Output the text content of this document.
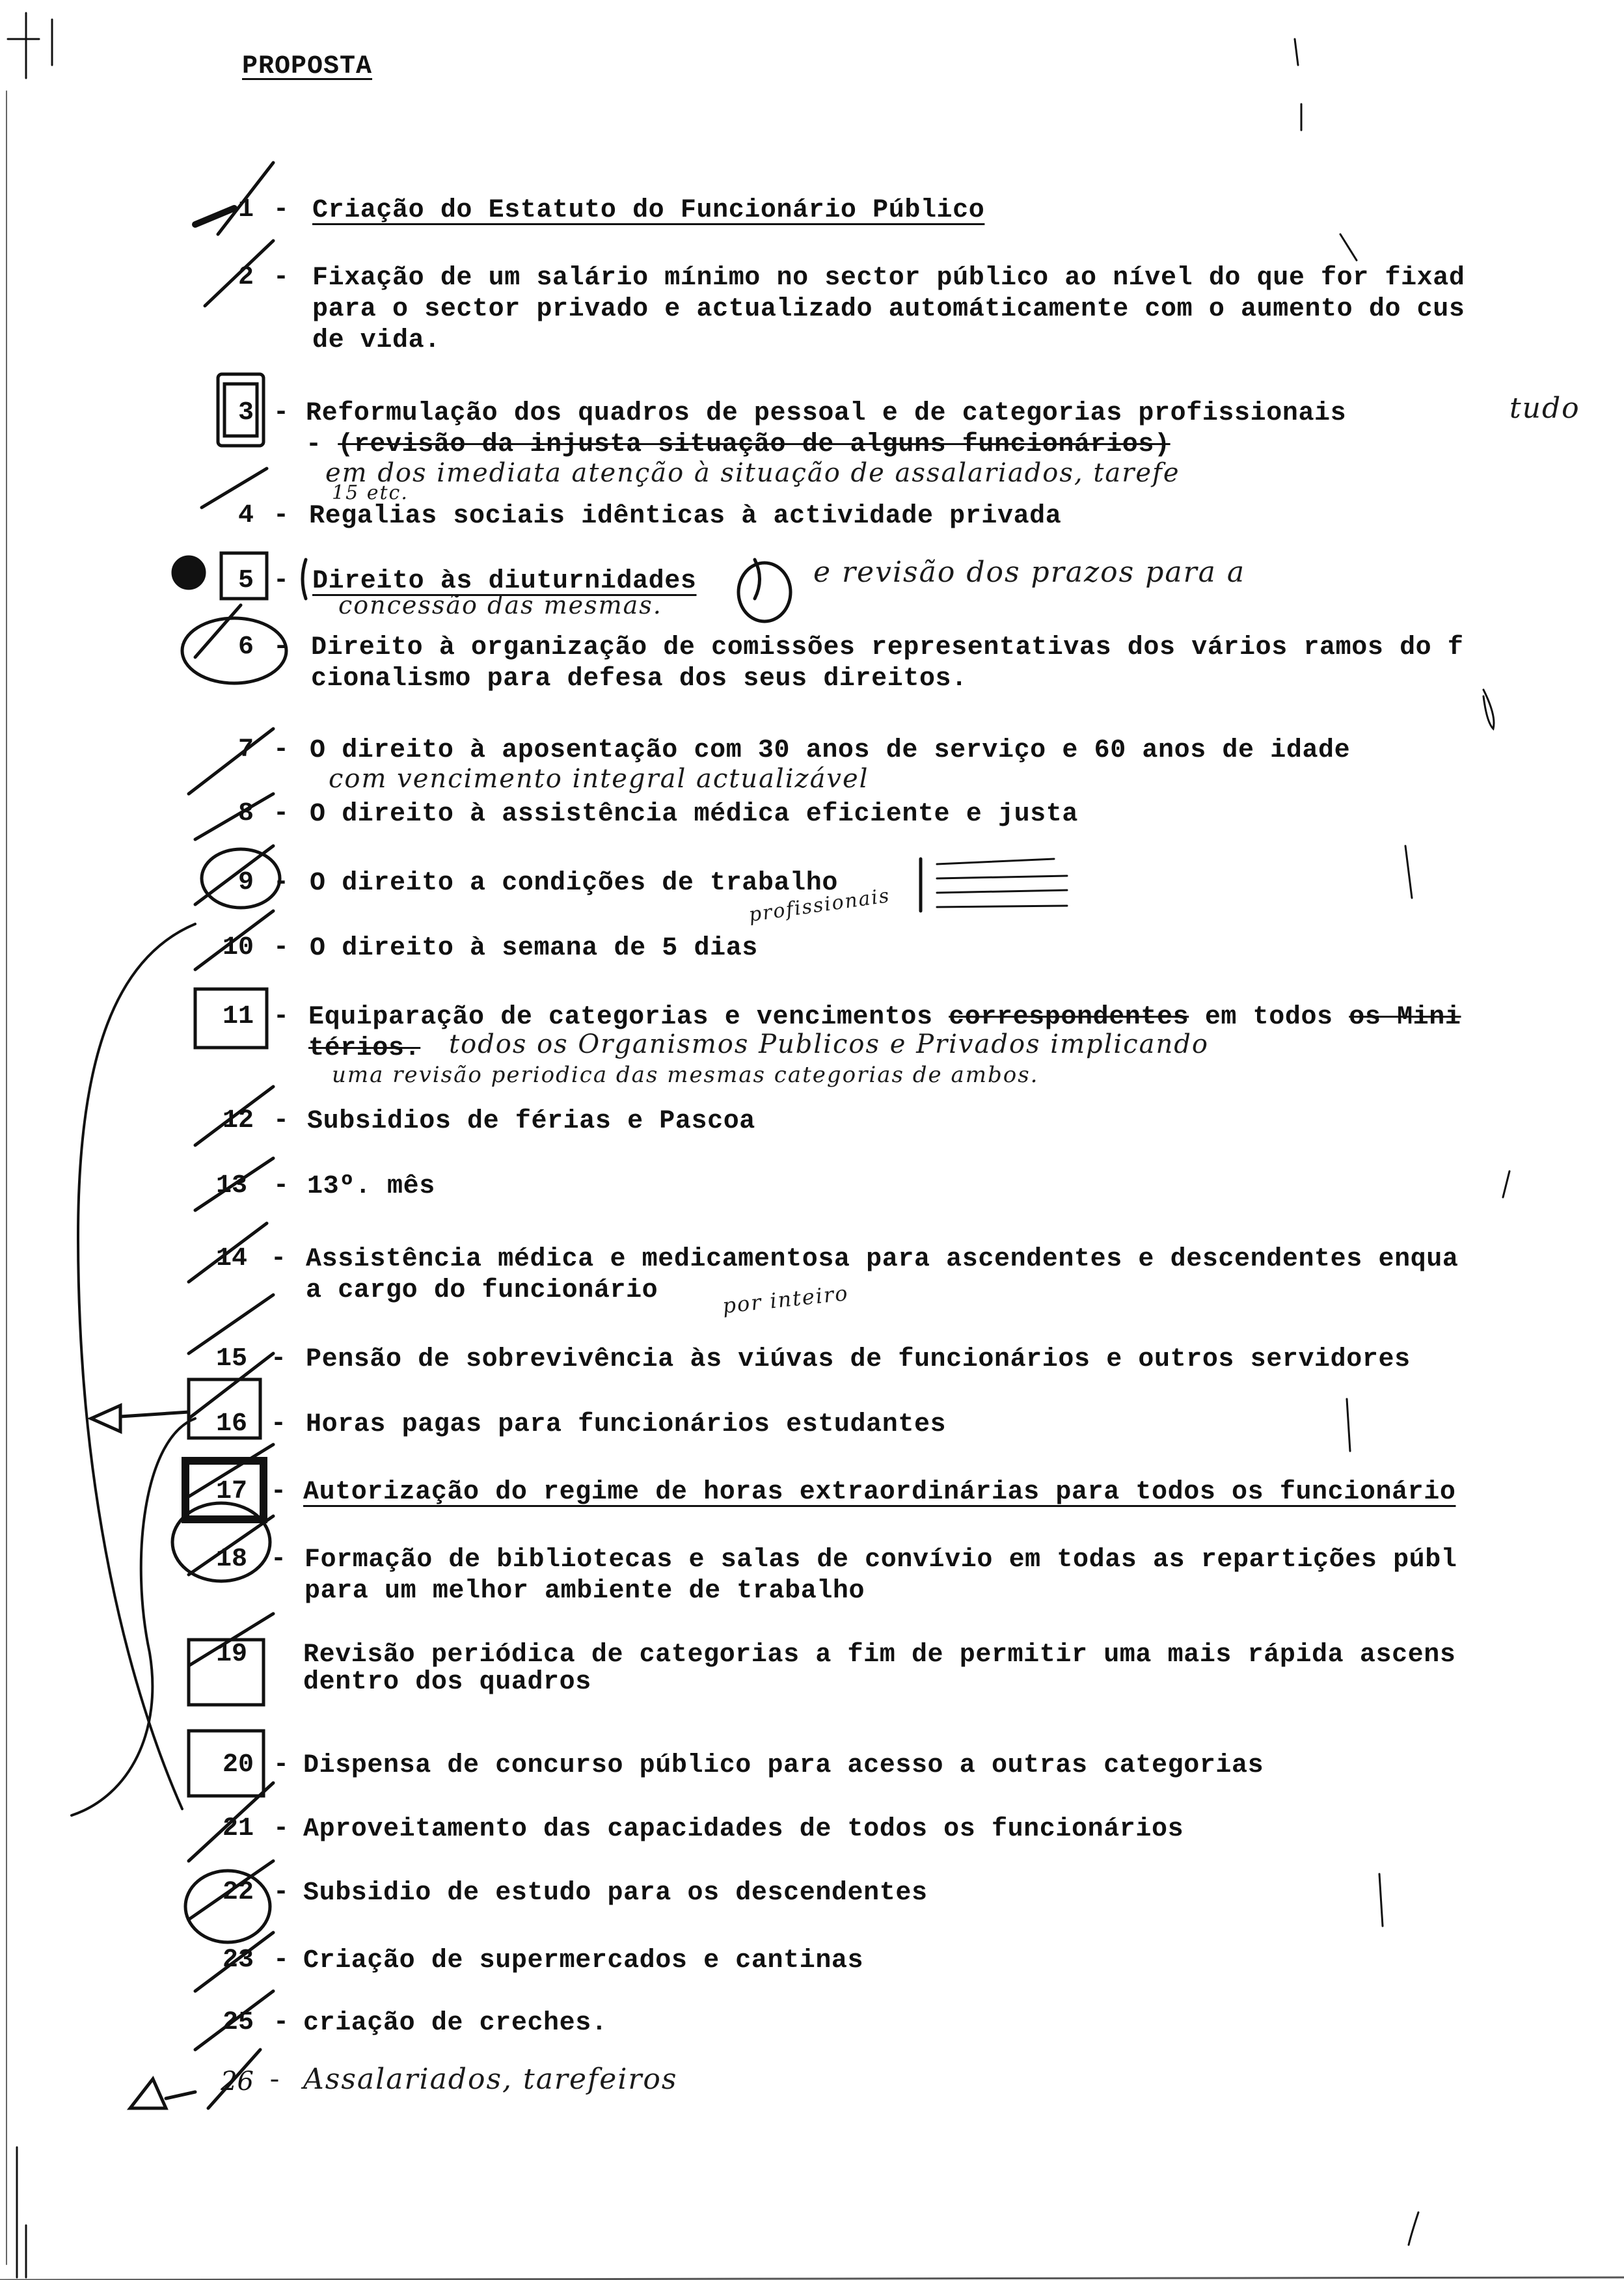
PROPOSTA
1 - Criação do Estatuto do Funcionário Público
2 - Fixação de um salário mínimo no sector público ao nível do que for fixad
para o sector privado e actualizado automáticamente com o aumento do cus
de vida.
3 - Reformulação dos quadros de pessoal e de categorias profissionais
- (revisão da injusta situação de alguns funcionários)
tudo
em dos imediata atenção à situação de assalariados, tarefe
15 etc.
4 - Regalias sociais idênticas à actividade privada
5 - Direito às diuturnidades	e revisão dos prazos para a
concessão das mesmas.
6 - Direito à organização de comissões representativas dos vários ramos do f
cionalismo para defesa dos seus direitos.
7 - O direito à aposentação com 30 anos de serviço e 60 anos de idade
com vencimento integral actualizável
8 - O direito à assistência médica eficiente e justa
9 - O direito a condições de trabalho
10 - O direito à semana de 5 dias
profissionais
11 - Equiparação de categorias e vencimentos correspondentes em todos os Mini
térios. todos os Organismos Publicos e Privados implicando
uma revisão periodica das mesmas categorias de ambos.
12 - Subsidios de férias e Pascoa
13 - 13º. mês
14 - Assistência médica e medicamentosa para ascendentes e descendentes enqua
a cargo do funcionário	por inteiro
15 - Pensão de sobrevivência às viúvas de funcionários e outros servidores
16 - Horas pagas para funcionários estudantes
17 - Autorização do regime de horas extraordinárias para todos os funcionário
18 - Formação de bibliotecas e salas de convívio em todas as repartições públ
para um melhor ambiente de trabalho
19 Revisão periódica de categorias a fim de permitir uma mais rápida ascens
dentro dos quadros
20 - Dispensa de concurso público para acesso a outras categorias
21 - Aproveitamento das capacidades de todos os funcionários
22 - Subsidio de estudo para os descendentes
23 - Criação de supermercados e cantinas
25 - criação de creches.
26 - Assalariados, tarefeiros
